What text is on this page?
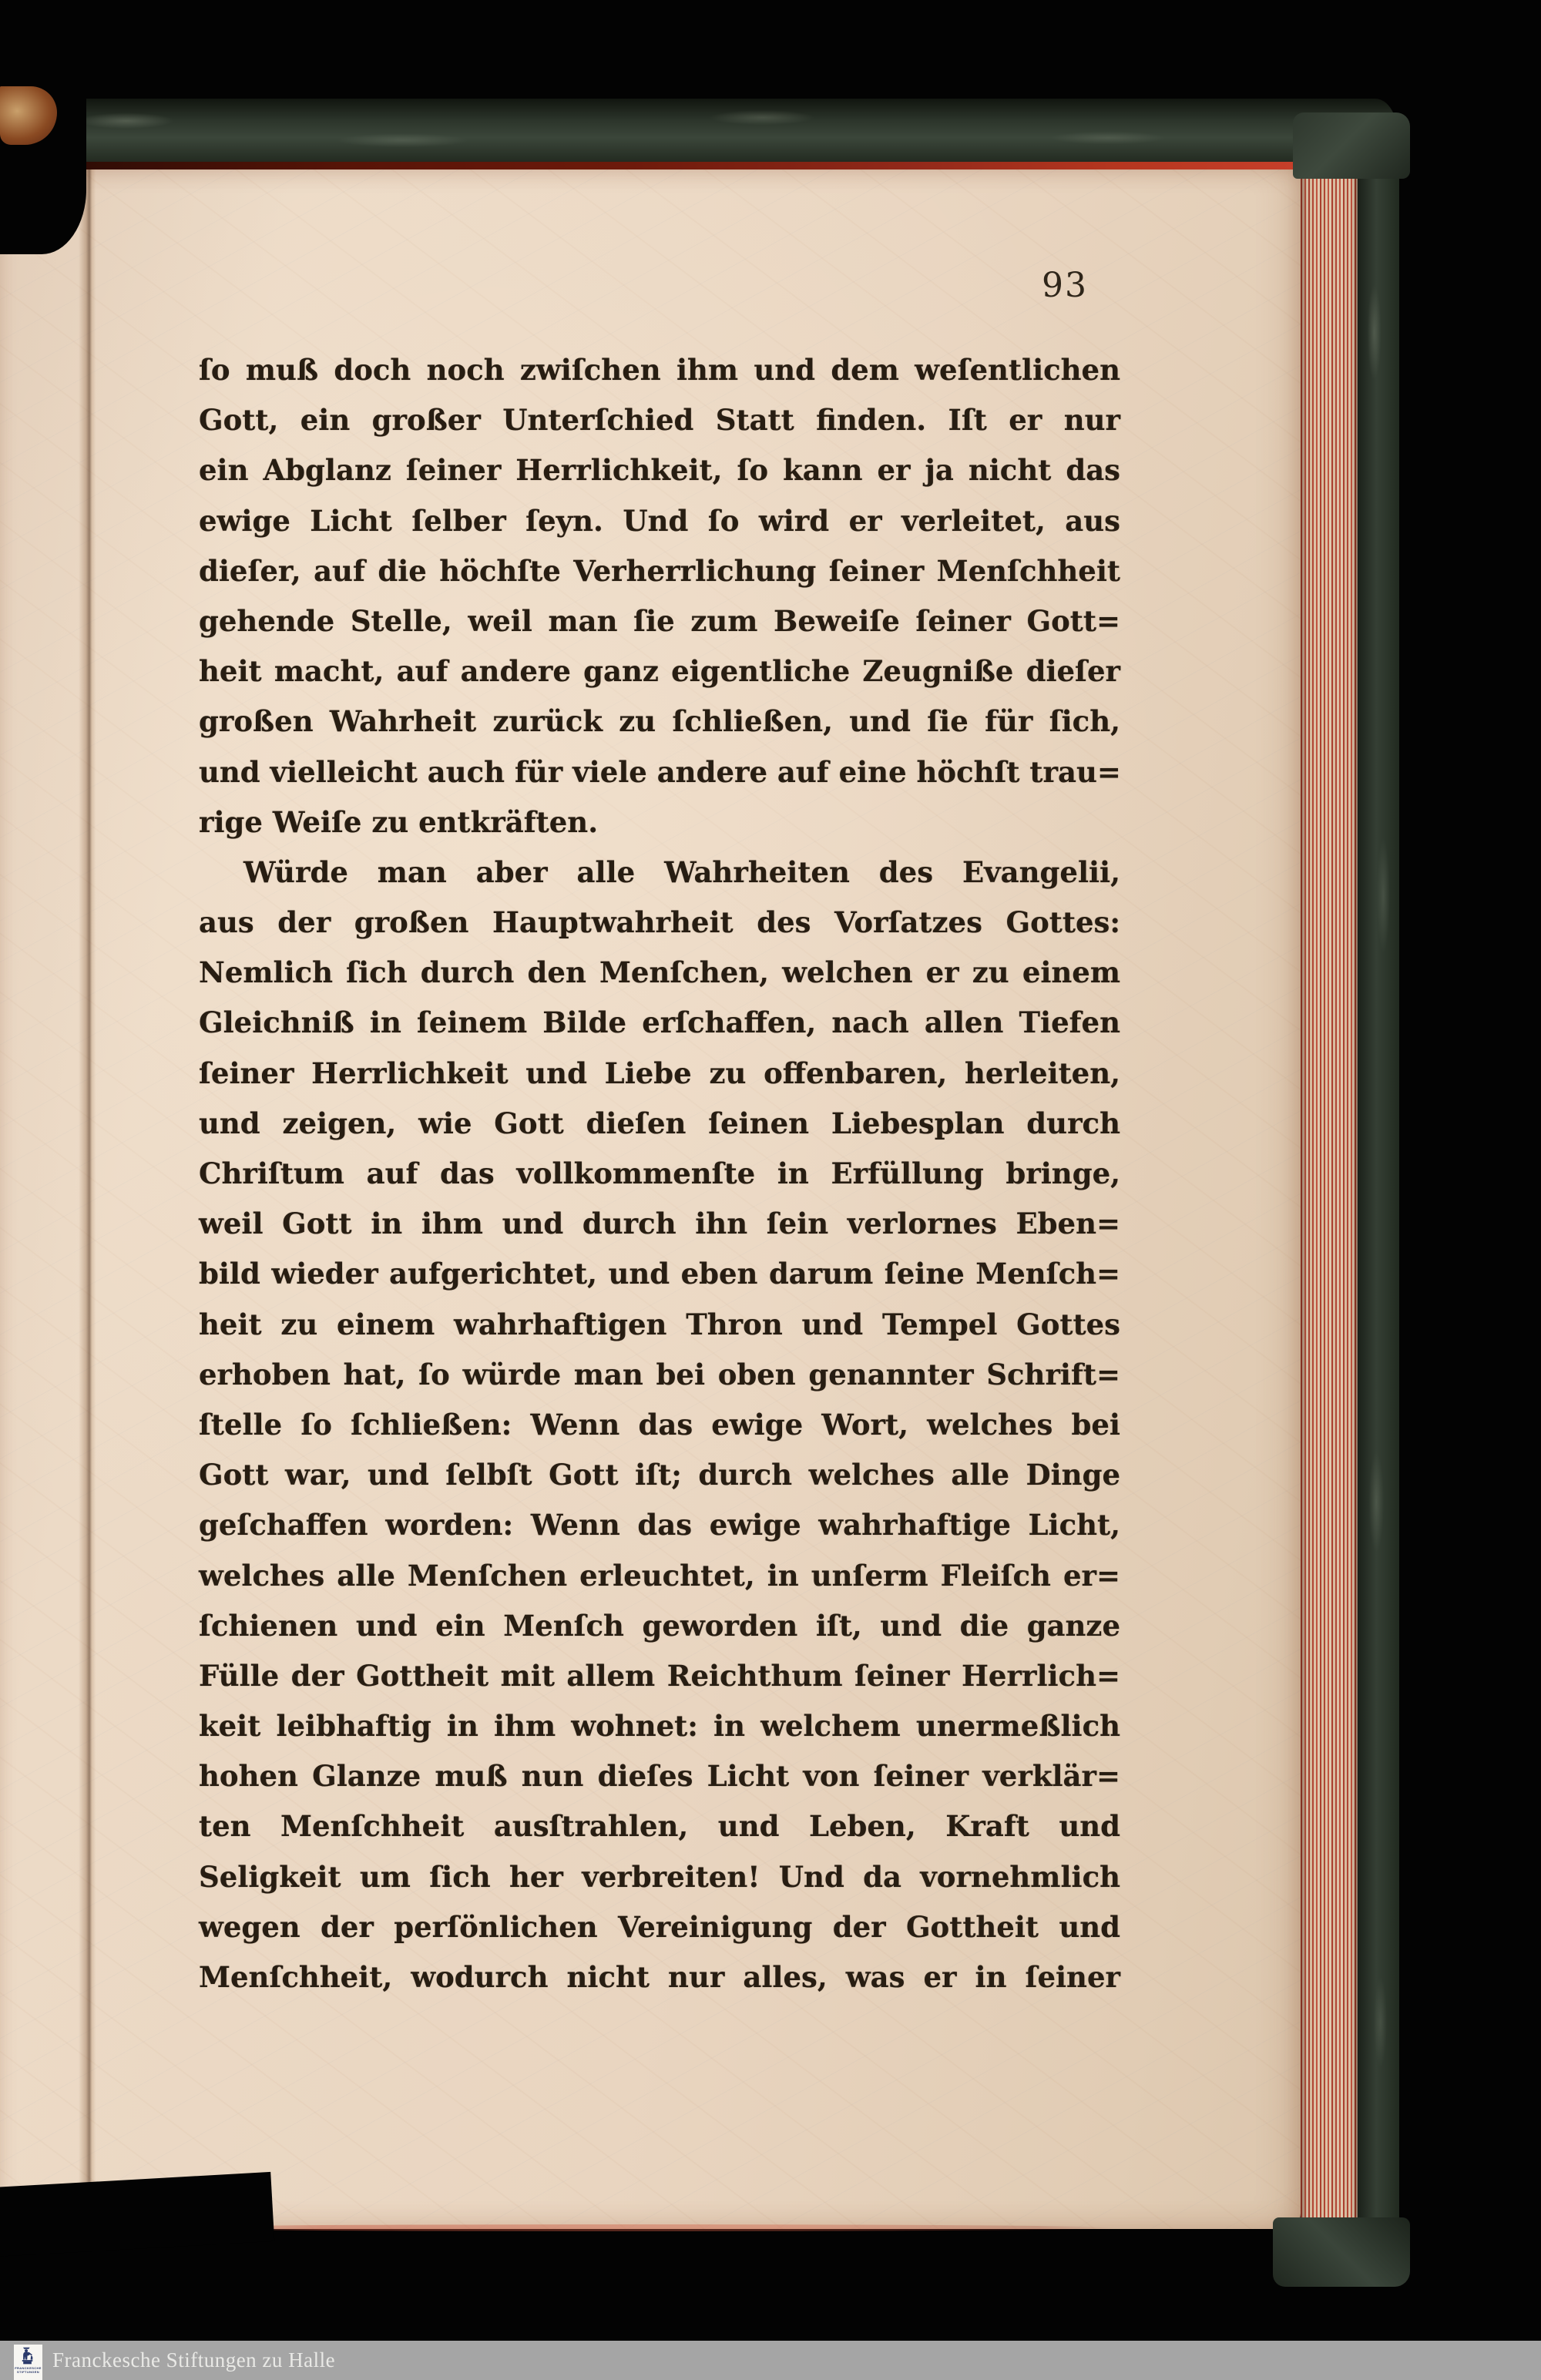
93
ſo muß doch noch zwiſchen ihm und dem weſentlichen
Gott, ein großer Unterſchied Statt finden. Iſt er nur
ein Abglanz ſeiner Herrlichkeit, ſo kann er ja nicht das
ewige Licht ſelber ſeyn. Und ſo wird er verleitet, aus
dieſer, auf die höchſte Verherrlichung ſeiner Menſchheit
gehende Stelle, weil man ſie zum Beweiſe ſeiner Gott=
heit macht, auf andere ganz eigentliche Zeugniße dieſer
großen Wahrheit zurück zu ſchließen, und ſie für ſich,
und vielleicht auch für viele andere auf eine höchſt trau=
rige Weiſe zu entkräften.
Würde man aber alle Wahrheiten des Evangelii,
aus der großen Hauptwahrheit des Vorſatzes Gottes:
Nemlich ſich durch den Menſchen, welchen er zu einem
Gleichniß in ſeinem Bilde erſchaffen, nach allen Tiefen
ſeiner Herrlichkeit und Liebe zu offenbaren, herleiten,
und zeigen, wie Gott dieſen ſeinen Liebesplan durch
Chriſtum auf das vollkommenſte in Erfüllung bringe,
weil Gott in ihm und durch ihn ſein verlornes Eben=
bild wieder aufgerichtet, und eben darum ſeine Menſch=
heit zu einem wahrhaftigen Thron und Tempel Gottes
erhoben hat, ſo würde man bei oben genannter Schrift=
ſtelle ſo ſchließen: Wenn das ewige Wort, welches bei
Gott war, und ſelbſt Gott iſt; durch welches alle Dinge
geſchaffen worden: Wenn das ewige wahrhaftige Licht,
welches alle Menſchen erleuchtet, in unſerm Fleiſch er=
ſchienen und ein Menſch geworden iſt, und die ganze
Fülle der Gottheit mit allem Reichthum ſeiner Herrlich=
keit leibhaftig in ihm wohnet: in welchem unermeßlich
hohen Glanze muß nun dieſes Licht von ſeiner verklär=
ten Menſchheit ausſtrahlen, und Leben, Kraft und
Seligkeit um ſich her verbreiten! Und da vornehmlich
wegen der perſönlichen Vereinigung der Gottheit und
Menſchheit, wodurch nicht nur alles, was er in ſeiner
FRANCKESCHE
STIFTUNGEN
Franckesche Stiftungen zu Halle
